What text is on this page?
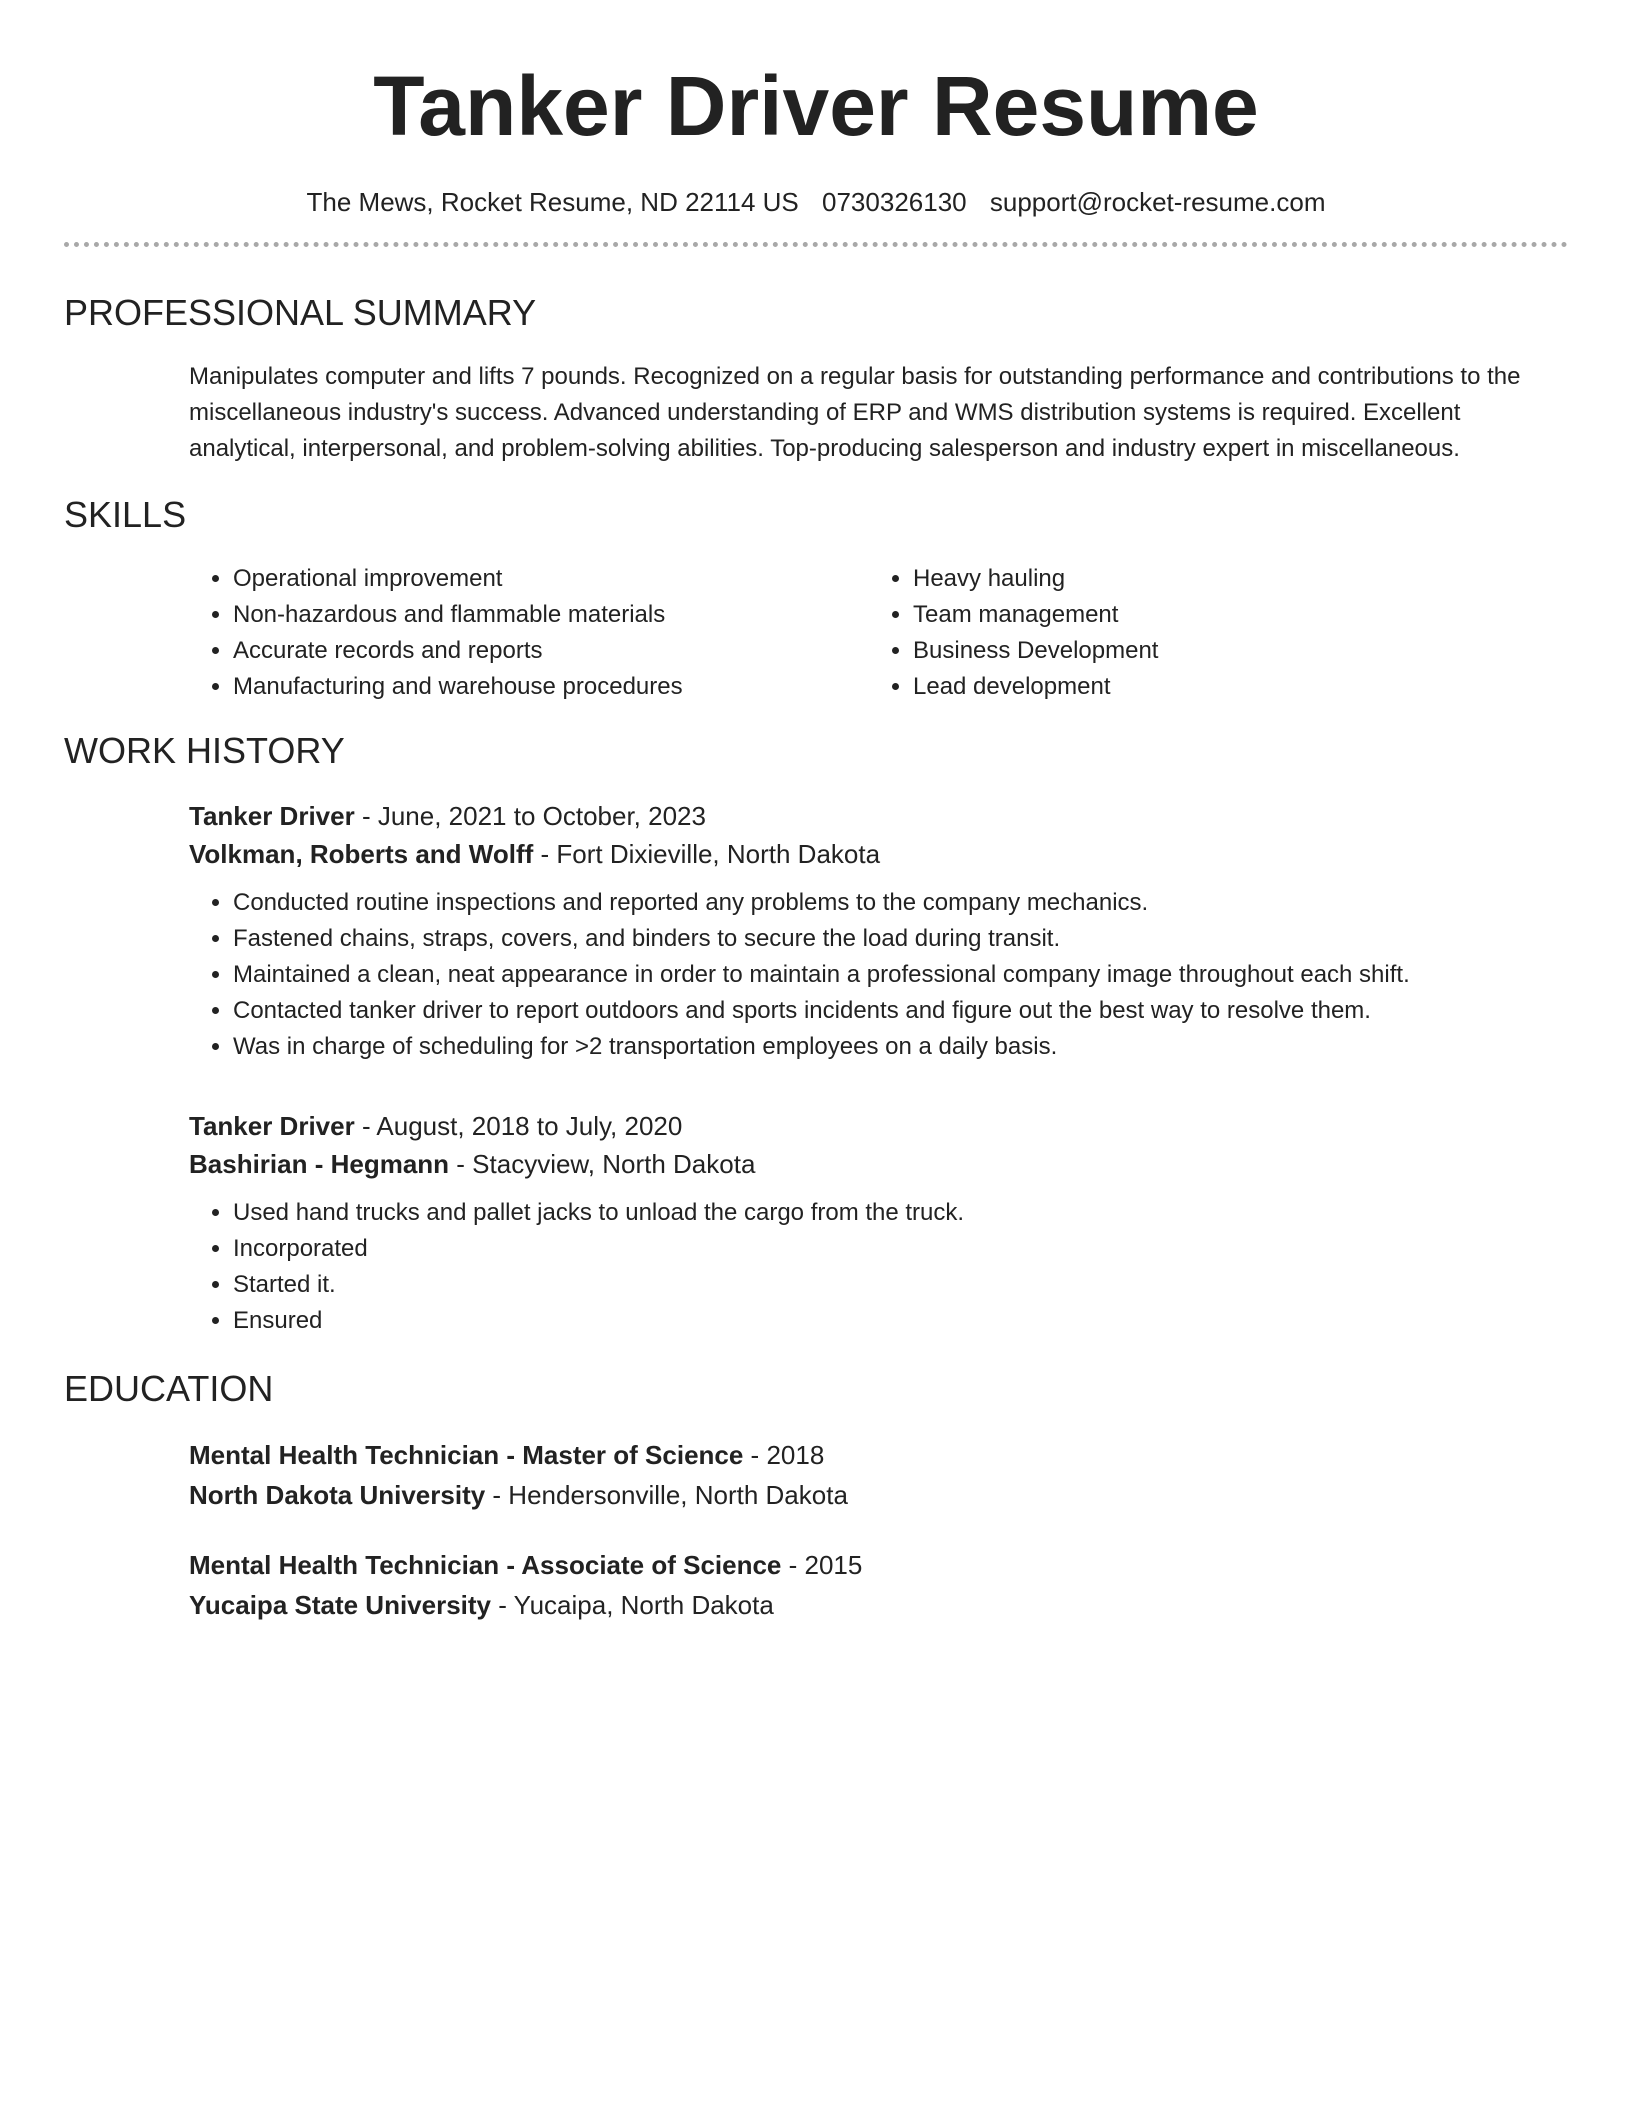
Tanker Driver Resume
The Mews, Rocket Resume, ND 22114 US 0730326130 support@rocket-resume.com
PROFESSIONAL SUMMARY

Manipulates computer and lifts 7 pounds. Recognized on a regular basis for outstanding performance and contributions to the miscellaneous industry's success. Advanced understanding of ERP and WMS distribution systems is required. Excellent analytical, interpersonal, and problem-solving abilities. Top-producing salesperson and industry expert in miscellaneous.

SKILLS
• Operational improvement
• Non-hazardous and flammable materials
• Accurate records and reports
• Manufacturing and warehouse procedures
• Heavy hauling
• Team management
• Business Development
• Lead development
WORK HISTORY
Tanker Driver - June, 2021 to October, 2023
Volkman, Roberts and Wolff - Fort Dixieville, North Dakota
• Conducted routine inspections and reported any problems to the company mechanics.
• Fastened chains, straps, covers, and binders to secure the load during transit.
• Maintained a clean, neat appearance in order to maintain a professional company image throughout each shift.
• Contacted tanker driver to report outdoors and sports incidents and figure out the best way to resolve them.
• Was in charge of scheduling for >2 transportation employees on a daily basis.
Tanker Driver - August, 2018 to July, 2020
Bashirian - Hegmann - Stacyview, North Dakota
• Used hand trucks and pallet jacks to unload the cargo from the truck.
• Incorporated
• Started it.
• Ensured
EDUCATION
Mental Health Technician - Master of Science - 2018
North Dakota University - Hendersonville, North Dakota
Mental Health Technician - Associate of Science - 2015
Yucaipa State University - Yucaipa, North Dakota
